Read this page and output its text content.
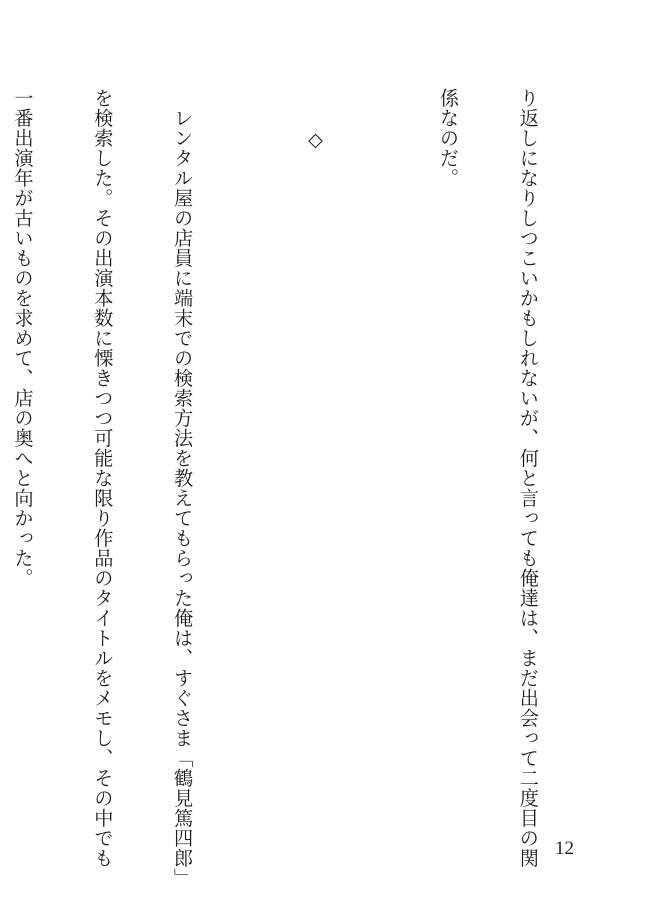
り返しになりしつこいかもしれないが、何と言っても俺達は、まだ出会って二度目の関

係なのだ。

　　◇

　レンタル屋の店員に端末での検索方法を教えてもらった俺は、すぐさま「鶴見篤四郎」

を検索した。その出演本数に慄きつつ可能な限り作品のタイトルをメモし、その中でも

一番出演年が古いものを求めて、店の奥へと向かった。

12
